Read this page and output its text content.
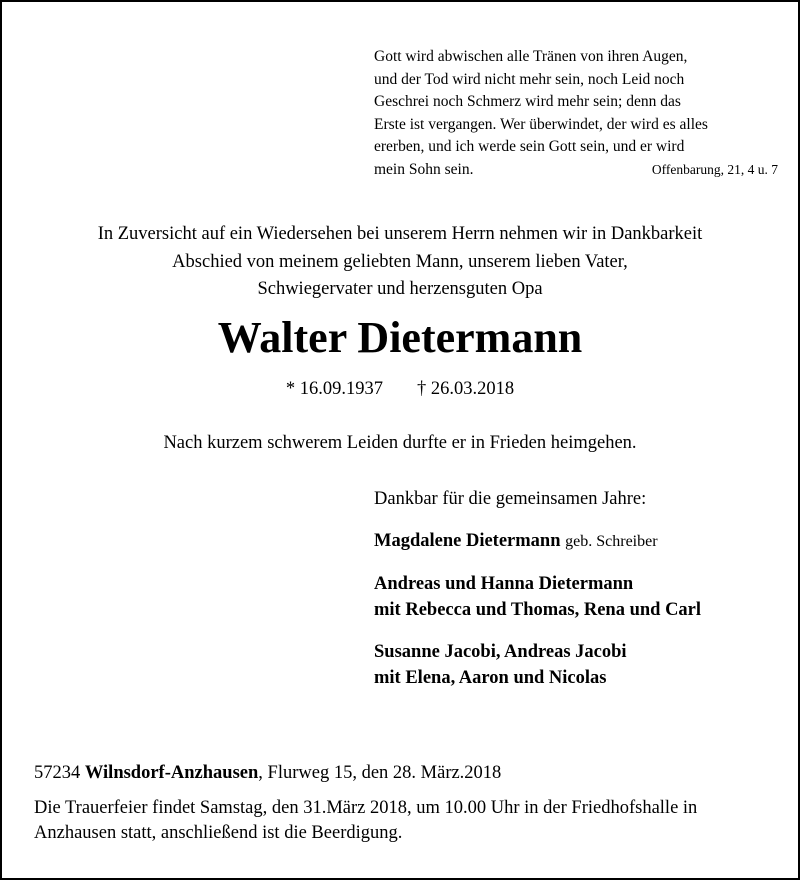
Gott wird abwischen alle Tränen von ihren Augen,
und der Tod wird nicht mehr sein, noch Leid noch
Geschrei noch Schmerz wird mehr sein; denn das
Erste ist vergangen. Wer überwindet, der wird es alles
ererben, und ich werde sein Gott sein, und er wird
mein Sohn sein.	Offenbarung, 21, 4 u. 7
In Zuversicht auf ein Wiedersehen bei unserem Herrn nehmen wir in Dankbarkeit
Abschied von meinem geliebten Mann, unserem lieben Vater,
Schwiegervater und herzensguten Opa
Walter Dietermann
* 16.09.1937 † 26.03.2018
Nach kurzem schwerem Leiden durfte er in Frieden heimgehen.
Dankbar für die gemeinsamen Jahre:
Magdalene Dietermann geb. Schreiber
Andreas und Hanna Dietermann
mit Rebecca und Thomas, Rena und Carl
Susanne Jacobi, Andreas Jacobi
mit Elena, Aaron und Nicolas
57234 Wilnsdorf-Anzhausen, Flurweg 15, den 28. März.2018
Die Trauerfeier findet Samstag, den 31.März 2018, um 10.00 Uhr in der Friedhofshalle in
Anzhausen statt, anschließend ist die Beerdigung.
